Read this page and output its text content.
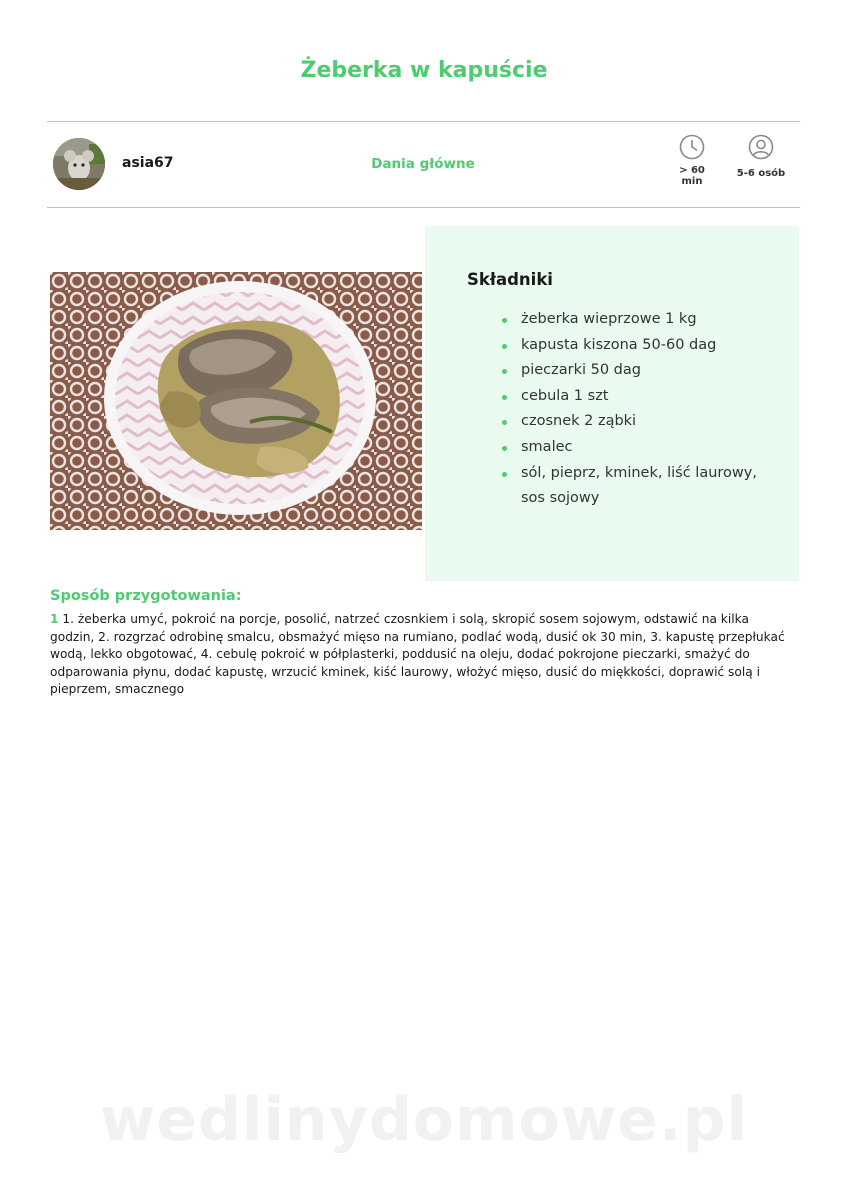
Żeberka w kapuście
asia67	Dania główne	> 60 min
5-6 osób
Składniki
żeberka wieprzowe 1 kg
kapusta kiszona 50-60 dag
pieczarki 50 dag
cebula 1 szt
czosnek 2 ząbki
smalec
sól, pieprz, kminek, liść laurowy, sos sojowy
Sposób przygotowania:
1 1. żeberka umyć, pokroić na porcje, posolić, natrzeć czosnkiem i solą, skropić sosem sojowym, odstawić na kilka godzin, 2. rozgrzać odrobinę smalcu, obsmażyć mięso na rumiano, podlać wodą, dusić ok 30 min, 3. kapustę przepłukać wodą, lekko obgotować, 4. cebulę pokroić w półplasterki, poddusić na oleju, dodać pokrojone pieczarki, smażyć do odparowania płynu, dodać kapustę, wrzucić kminek, kiść laurowy, włożyć mięso, dusić do miękkości, doprawić solą i pieprzem, smacznego
wedlinydomowe.pl
